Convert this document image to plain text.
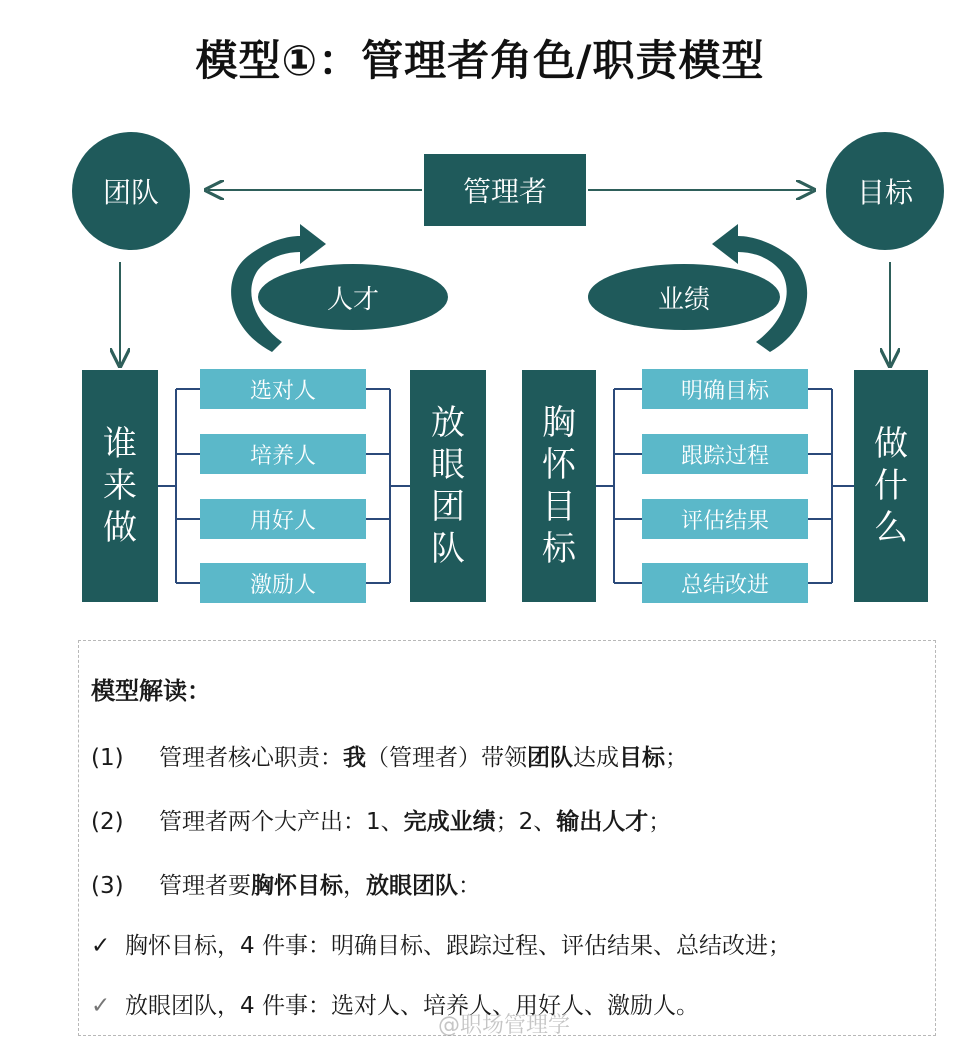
模型①：管理者角色/职责模型
团队	目标
管理者
人才	业绩
谁
来
做
放
眼
团
队
胸
怀
目
标
做
什
么
选对人
培养人
用好人
激励人
明确目标
跟踪过程
评估结果
总结改进
模型解读：
(1) 管理者核心职责：我（管理者）带领团队达成目标；
(2) 管理者两个大产出：1、完成业绩；2、输出人才；
(3) 管理者要胸怀目标，放眼团队：
✓ 胸怀目标，4 件事：明确目标、跟踪过程、评估结果、总结改进；
✓ 放眼团队，4 件事：选对人、培养人、用好人、激励人。
@职场管理学
